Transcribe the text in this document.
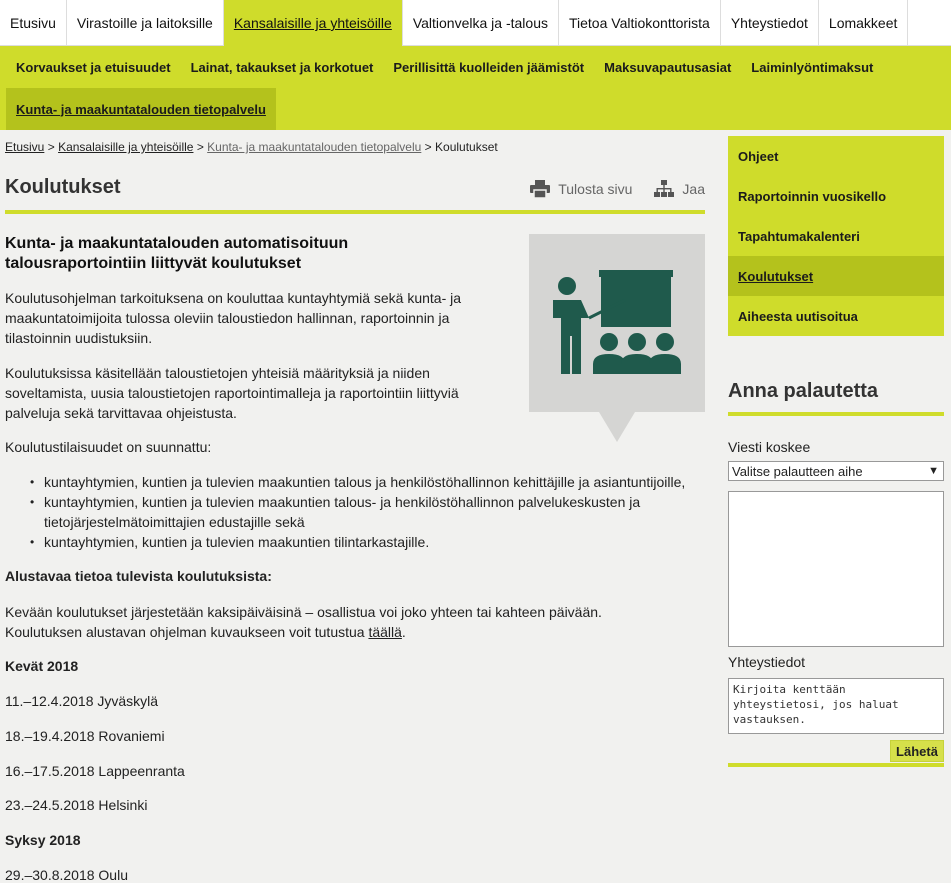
Etusivu	Virastoille ja laitoksille	Kansalaisille ja yhteisöille	Valtionvelka ja -talous	Tietoa Valtiokonttorista	Yhteystiedot	Lomakkeet
Korvaukset ja etuisuudet	Lainat, takaukset ja korkotuet	Perillisittä kuolleiden jäämistöt	Maksuvapautusasiat	Laiminlyöntimaksut
Kunta- ja maakuntatalouden tietopalvelu
Etusivu > Kansalaisille ja yhteisöille > Kunta- ja maakuntatalouden tietopalvelu > Koulutukset
Koulutukset	Tulosta sivu	Jaa
Kunta- ja maakuntatalouden automatisoituun talousraportointiin liittyvät koulutukset

Koulutusohjelman tarkoituksena on kouluttaa kuntayhtymiä sekä kunta- ja maakuntatoimijoita tulossa oleviin taloustiedon hallinnan, raportoinnin ja tilastoinnin uudistuksiin.

Koulutuksissa käsitellään taloustietojen yhteisiä määrityksiä ja niiden soveltamista, uusia taloustietojen raportointimalleja ja raportointiin liittyviä palveluja sekä tarvittavaa ohjeistusta.

Koulutustilaisuudet on suunnattu:

• kuntayhtymien, kuntien ja tulevien maakuntien talous ja henkilöstöhallinnon kehittäjille ja asiantuntijoille,
• kuntayhtymien, kuntien ja tulevien maakuntien talous- ja henkilöstöhallinnon palvelukeskusten ja tietojärjestelmätoimittajien edustajille sekä
• kuntayhtymien, kuntien ja tulevien maakuntien tilintarkastajille.
Alustavaa tietoa tulevista koulutuksista:

Kevään koulutukset järjestetään kaksipäiväisinä – osallistua voi joko yhteen tai kahteen päivään.
Koulutuksen alustavan ohjelman kuvaukseen voit tutustua täällä.

Kevät 2018
11.–12.4.2018 Jyväskylä
18.–19.4.2018 Rovaniemi
16.–17.5.2018 Lappeenranta
23.–24.5.2018 Helsinki
Syksy 2018
29.–30.8.2018 Oulu
Ohjeet
Raportoinnin vuosikello
Tapahtumakalenteri
Koulutukset
Aiheesta uutisoitua
Anna palautetta
Viesti koskee
Valitse palautteen aihe	▼
Yhteystiedot
Kirjoita kenttään yhteystietosi, jos haluat vastauksen.
Lähetä
